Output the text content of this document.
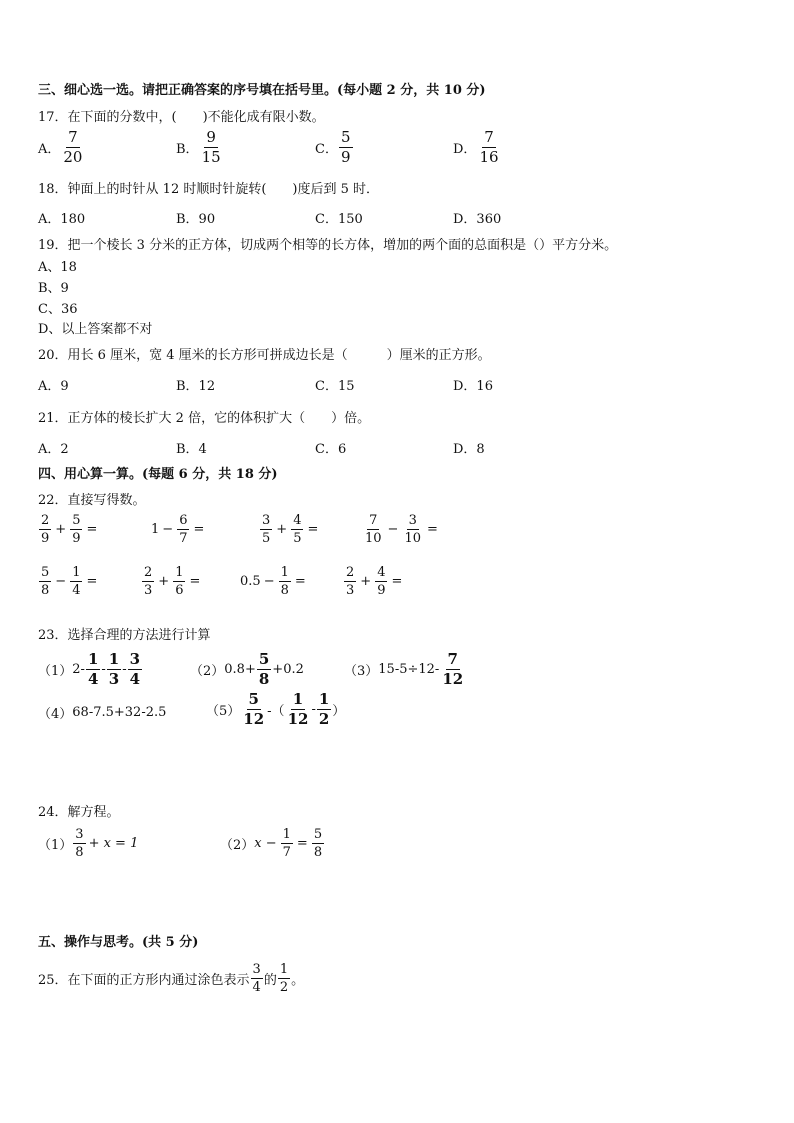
三、细心选一选。请把正确答案的序号填在括号里。(每小题 2 分，共 10 分)
17．在下面的分数中，(　　)不能化成有限小数。
A． $\frac{7}{20}$	B． $\frac{9}{15}$	C． $\frac{5}{9}$	D． $\frac{7}{16}$
18．钟面上的时针从 12 时顺时针旋转(　　)度后到 5 时．
A．180	B．90	C．150	D．360
19．把一个棱长 3 分米的正方体，切成两个相等的长方体，增加的两个面的总面积是（）平方分米。
A、18
B、9
C、36
D、以上答案都不对
20．用长 6 厘米，宽 4 厘米的长方形可拼成边长是（　　　）厘米的正方形。
A．9	B．12	C．15	D．16
21．正方体的棱长扩大 2 倍，它的体积扩大（　　）倍。
A．2	B．4	C．6	D．8
四、用心算一算。(每题 6 分，共 18 分)
22．直接写得数。
$\frac{2}{9} + \frac{5}{9}$ =	$1 - \frac{6}{7}$ =	$\frac{3}{5} + \frac{4}{5}$ =	$\frac{7}{10} - \frac{3}{10}$ =
$\frac{5}{8} - \frac{1}{4}$ =	$\frac{2}{3} + \frac{1}{6}$ =	$0.5 - \frac{1}{8}$ =	$\frac{2}{3} + \frac{4}{9}$ =
23．选择合理的方法进行计算
（1） $2- \frac{1}{4} - \frac{1}{3} - \frac{3}{4}$	（2） $0.8+ \frac{5}{8} +0.2$	（3） $15-5\div 12- \frac{7}{12}$
（4） 68-7.5+32-2.5	$(5) \frac{5}{12}$ -（ $\frac{1}{12} - \frac{1}{2}$ ）
24．解方程。
$(1) \frac{3}{8} + x = 1$	（2） $x - \frac{1}{7} = \frac{5}{8}$
五、操作与思考。(共 5 分)
25．在下面的正方形内通过涂色表示 $\frac{3}{4}$ 的 $\frac{1}{2}$ 。
